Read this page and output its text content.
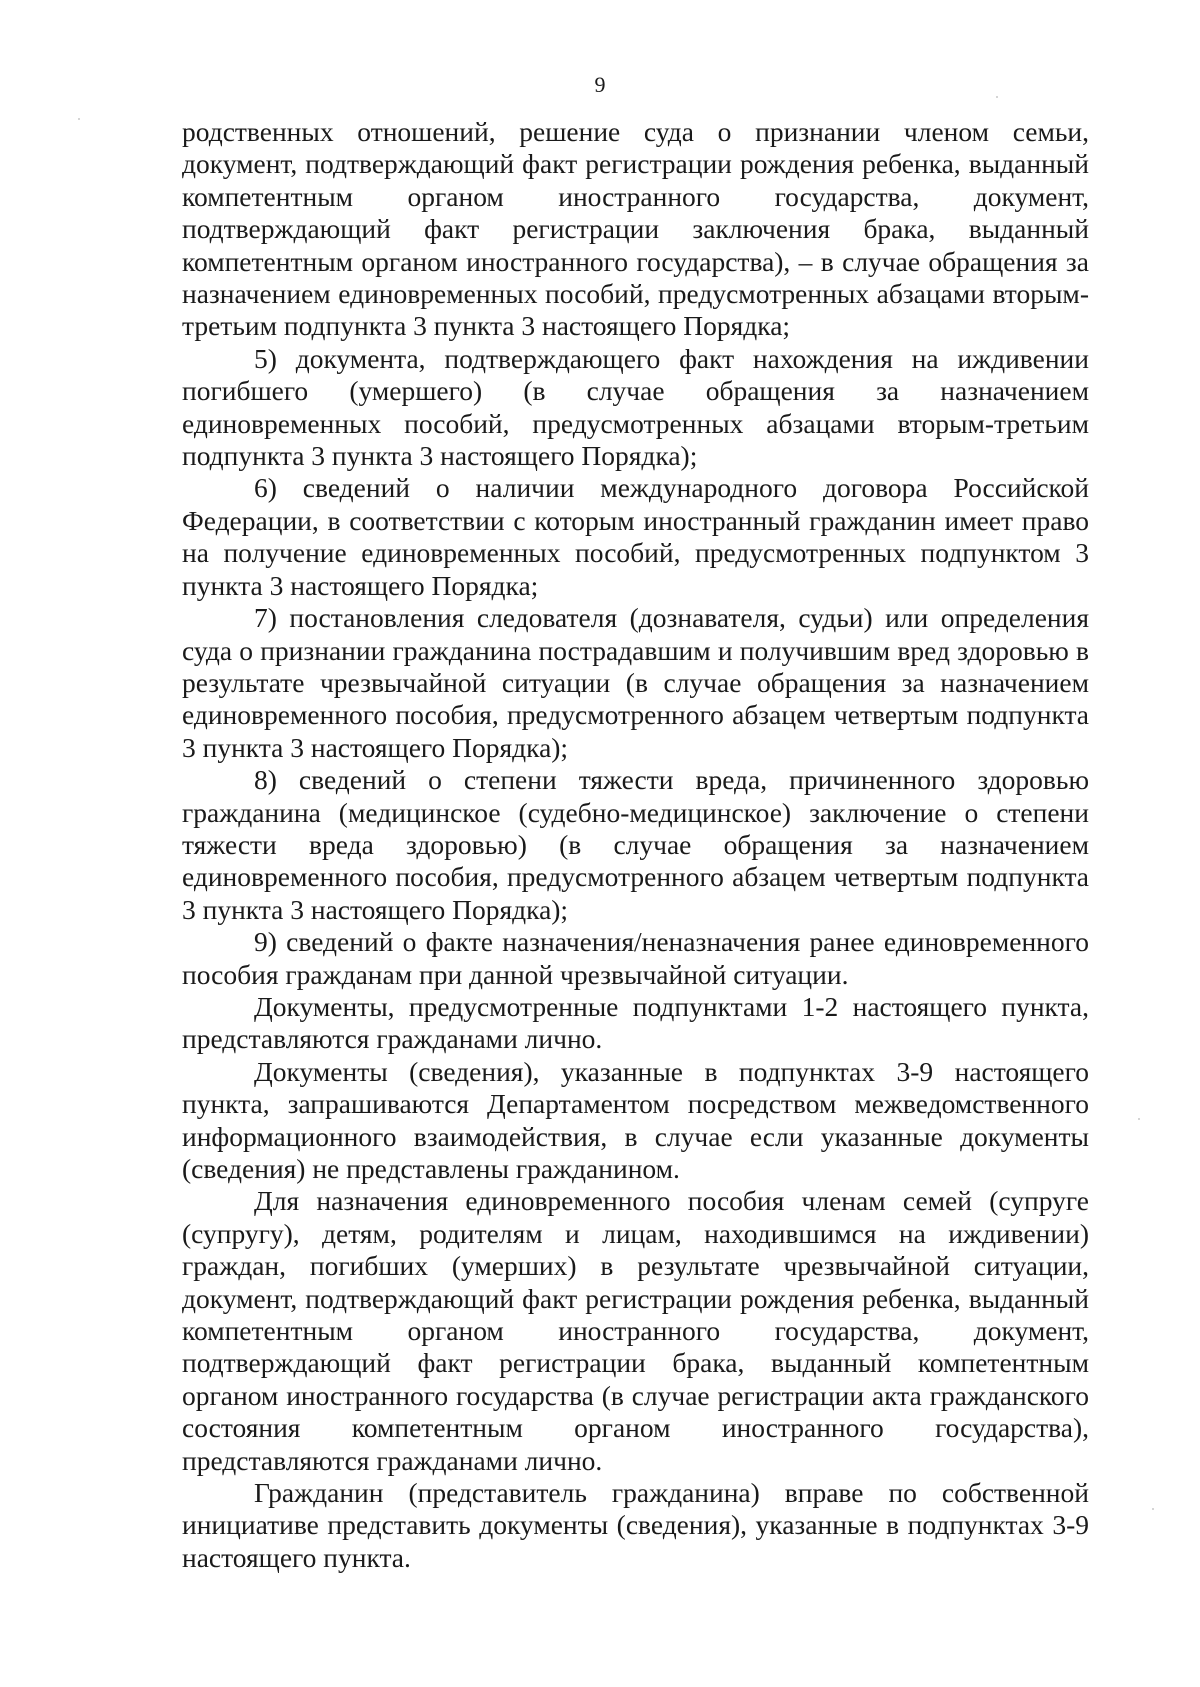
9

родственных отношений, решение суда о признании членом семьи, документ, подтверждающий факт регистрации рождения ребенка, выданный компетентным органом иностранного государства, документ, подтверждающий факт регистрации заключения брака, выданный компетентным органом иностранного государства), – в случае обращения за назначением единовременных пособий, предусмотренных абзацами вторым-третьим подпункта 3 пункта 3 настоящего Порядка;

5) документа, подтверждающего факт нахождения на иждивении погибшего (умершего) (в случае обращения за назначением единовременных пособий, предусмотренных абзацами вторым-третьим подпункта 3 пункта 3 настоящего Порядка);

6) сведений о наличии международного договора Российской Федерации, в соответствии с которым иностранный гражданин имеет право на получение единовременных пособий, предусмотренных подпунктом 3 пункта 3 настоящего Порядка;

7) постановления следователя (дознавателя, судьи) или определения суда о признании гражданина пострадавшим и получившим вред здоровью в результате чрезвычайной ситуации (в случае обращения за назначением единовременного пособия, предусмотренного абзацем четвертым подпункта 3 пункта 3 настоящего Порядка);

8) сведений о степени тяжести вреда, причиненного здоровью гражданина (медицинское (судебно-медицинское) заключение о степени тяжести вреда здоровью) (в случае обращения за назначением единовременного пособия, предусмотренного абзацем четвертым подпункта 3 пункта 3 настоящего Порядка);

9) сведений о факте назначения/неназначения ранее единовременного пособия гражданам при данной чрезвычайной ситуации.

Документы, предусмотренные подпунктами 1-2 настоящего пункта, представляются гражданами лично.

Документы (сведения), указанные в подпунктах 3-9 настоящего пункта, запрашиваются Департаментом посредством межведомственного информационного взаимодействия, в случае если указанные документы (сведения) не представлены гражданином.

Для назначения единовременного пособия членам семей (супруге (супругу), детям, родителям и лицам, находившимся на иждивении) граждан, погибших (умерших) в результате чрезвычайной ситуации, документ, подтверждающий факт регистрации рождения ребенка, выданный компетентным органом иностранного государства, документ, подтверждающий факт регистрации брака, выданный компетентным органом иностранного государства (в случае регистрации акта гражданского состояния компетентным органом иностранного государства), представляются гражданами лично.

Гражданин (представитель гражданина) вправе по собственной инициативе представить документы (сведения), указанные в подпунктах 3-9 настоящего пункта.
